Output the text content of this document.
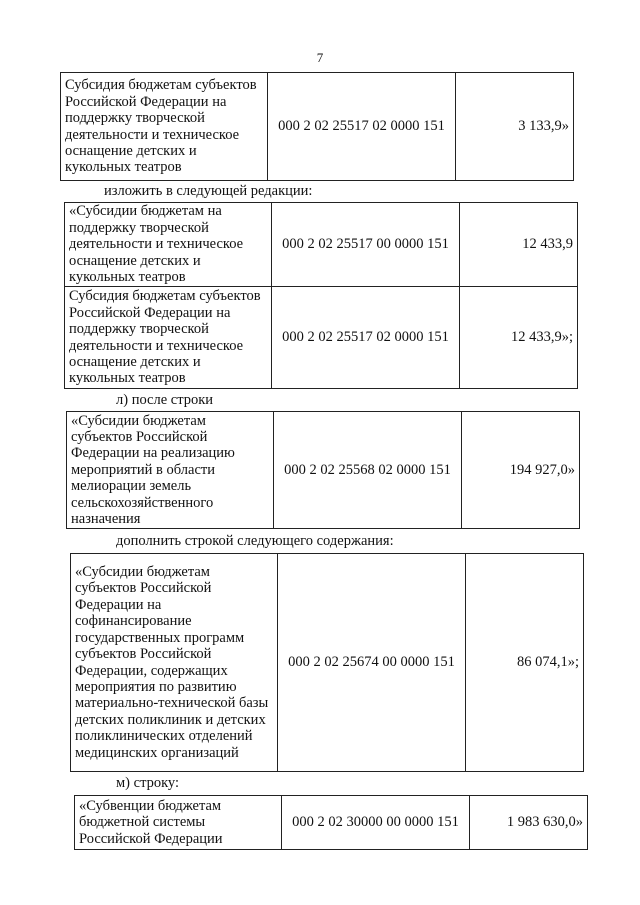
7
Субсидия бюджетам субъектов Российской Федерации на поддержку творческой деятельности и техническое оснащение детских и кукольных театров	000 2 02 25517 02 0000 151	3 133,9»
изложить в следующей редакции:
«Субсидии бюджетам на поддержку творческой деятельности и техническое оснащение детских и кукольных театров	000 2 02 25517 00 0000 151	12 433,9
Субсидия бюджетам субъектов Российской Федерации на поддержку творческой деятельности и техническое оснащение детских и кукольных театров	000 2 02 25517 02 0000 151	12 433,9»;
л) после строки
«Субсидии бюджетам субъектов Российской Федерации на реализацию мероприятий в области мелиорации земель сельскохозяйственного назначения	000 2 02 25568 02 0000 151	194 927,0»
дополнить строкой следующего содержания:
«Субсидии бюджетам субъектов Российской Федерации на софинансирование государственных программ субъектов Российской Федерации, содержащих мероприятия по развитию материально-технической базы детских поликлиник и детских поликлинических отделений медицинских организаций	000 2 02 25674 00 0000 151	86 074,1»;
м) строку:
«Субвенции бюджетам бюджетной системы Российской Федерации	000 2 02 30000 00 0000 151	1 983 630,0»
